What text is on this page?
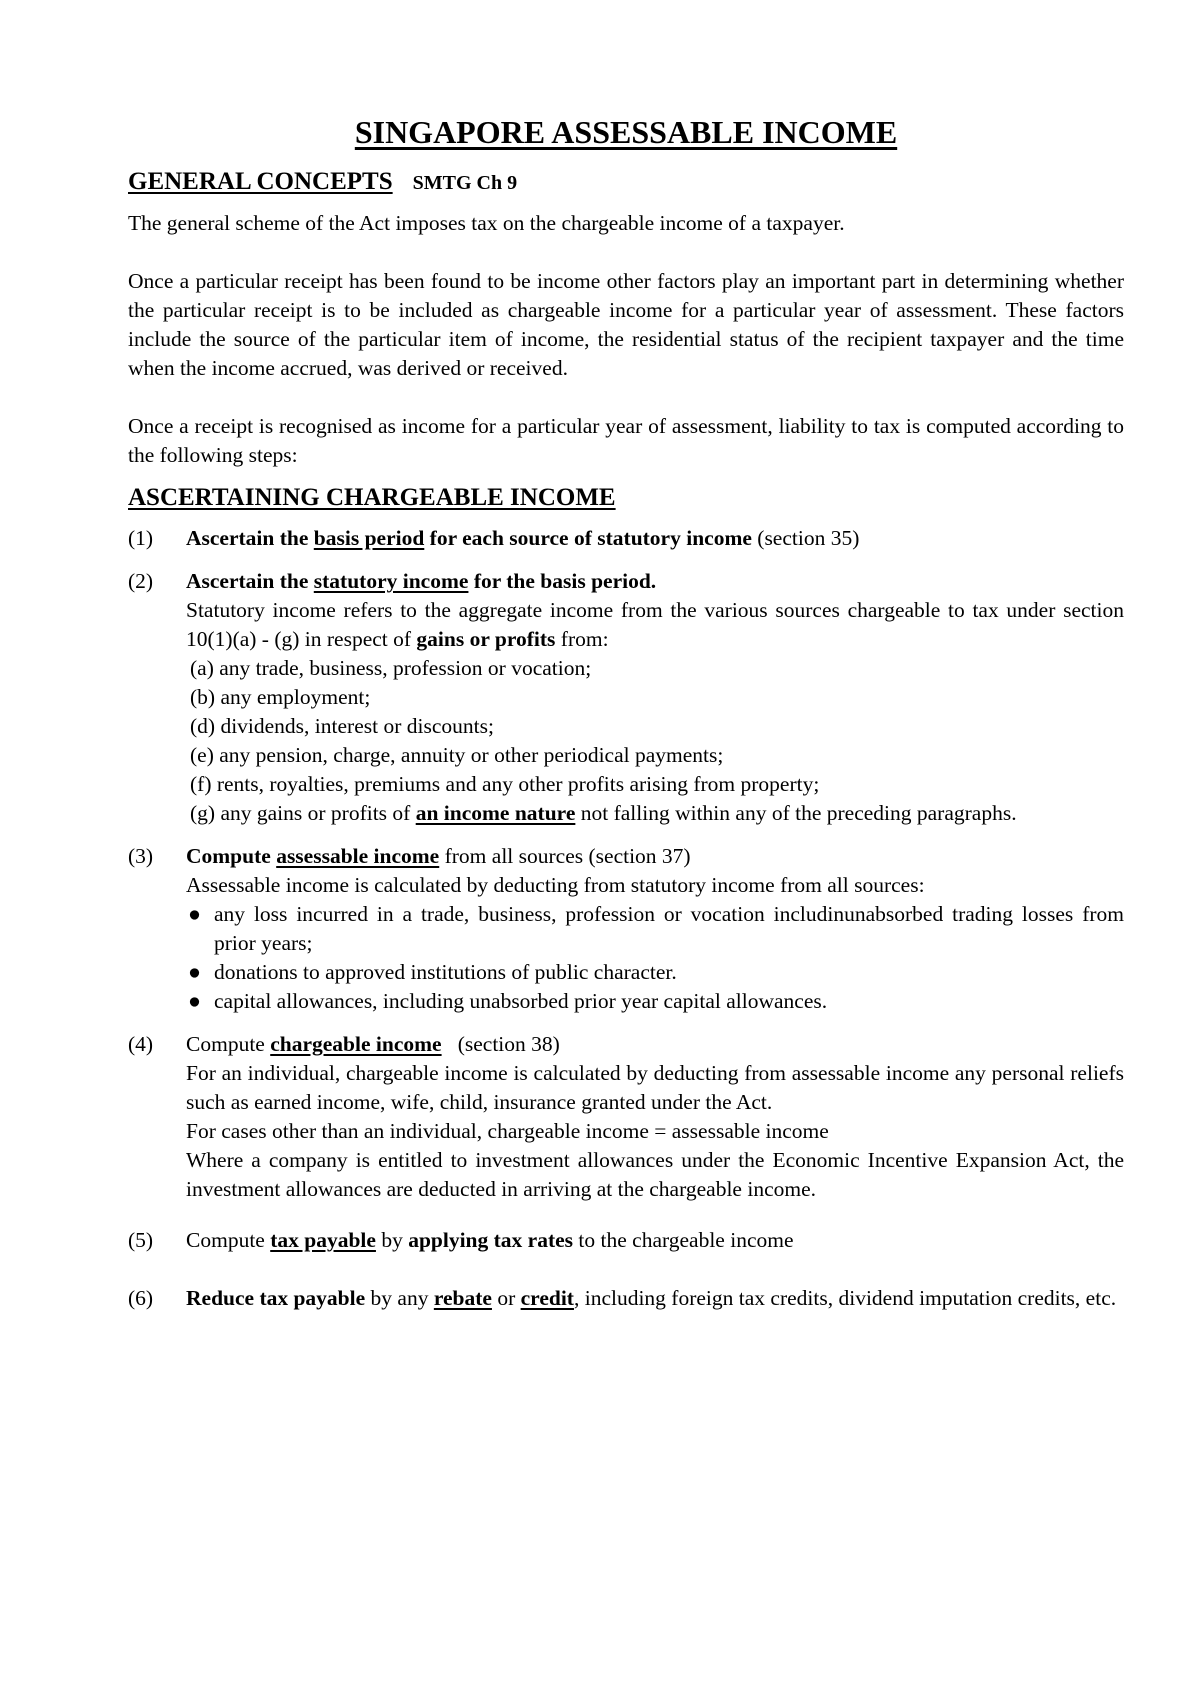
SINGAPORE ASSESSABLE INCOME
GENERAL CONCEPTS SMTG Ch 9

The general scheme of the Act imposes tax on the chargeable income of a taxpayer.

Once a particular receipt has been found to be income other factors play an important part in determining whether the particular receipt is to be included as chargeable income for a particular year of assessment. These factors include the source of the particular item of income, the residential status of the recipient taxpayer and the time when the income accrued, was derived or received.

Once a receipt is recognised as income for a particular year of assessment, liability to tax is computed according to the following steps:

ASCERTAINING CHARGEABLE INCOME
(1) Ascertain the basis period for each source of statutory income (section 35)
(2) Ascertain the statutory income for the basis period.
Statutory income refers to the aggregate income from the various sources chargeable to tax under section 10(1)(a) - (g) in respect of gains or profits from:
(a) any trade, business, profession or vocation;
(b) any employment;
(d) dividends, interest or discounts;
(e) any pension, charge, annuity or other periodical payments;
(f) rents, royalties, premiums and any other profits arising from property;
(g) any gains or profits of an income nature not falling within any of the preceding paragraphs.
(3) Compute assessable income from all sources (section 37)
Assessable income is calculated by deducting from statutory income from all sources:
● any loss incurred in a trade, business, profession or vocation includinunabsorbed trading losses from prior years;
● donations to approved institutions of public character.
● capital allowances, including unabsorbed prior year capital allowances.
(4) Compute chargeable income   (section 38)
For an individual, chargeable income is calculated by deducting from assessable income any personal reliefs such as earned income, wife, child, insurance granted under the Act.
For cases other than an individual, chargeable income = assessable income
Where a company is entitled to investment allowances under the Economic Incentive Expansion Act, the investment allowances are deducted in arriving at the chargeable income.
(5) Compute tax payable by applying tax rates to the chargeable income
(6) Reduce tax payable by any rebate or credit, including foreign tax credits, dividend imputation credits, etc.
